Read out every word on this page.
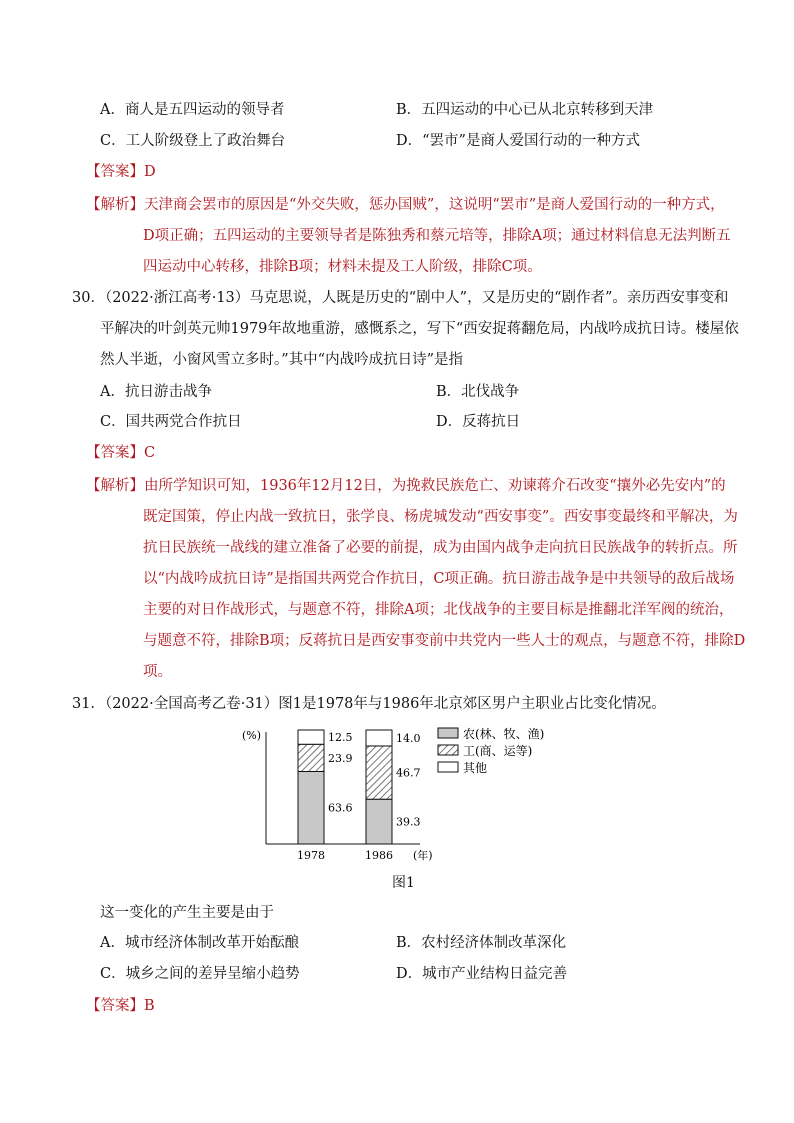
A．商人是五四运动的领导者	B．五四运动的中心已从北京转移到天津
C．工人阶级登上了政治舞台	D．“罢市”是商人爱国行动的一种方式
【答案】D
【解析】天津商会罢市的原因是“外交失败，惩办国贼”，这说明“罢市”是商人爱国行动的一种方式，
D项正确；五四运动的主要领导者是陈独秀和蔡元培等，排除A项；通过材料信息无法判断五
四运动中心转移，排除B项；材料未提及工人阶级，排除C项。
30．（2022·浙江高考·13）马克思说，人既是历史的“剧中人”，又是历史的“剧作者”。亲历西安事变和
平解决的叶剑英元帅1979年故地重游，感慨系之，写下“西安捉蒋翻危局，内战吟成抗日诗。楼屋依
然人半逝，小窗风雪立多时。”其中“内战吟成抗日诗”是指
A．抗日游击战争	B．北伐战争
C．国共两党合作抗日	D．反蒋抗日
【答案】C
【解析】由所学知识可知，1936年12月12日，为挽救民族危亡、劝谏蒋介石改变“攘外必先安内”的
既定国策，停止内战一致抗日，张学良、杨虎城发动“西安事变”。西安事变最终和平解决，为
抗日民族统一战线的建立准备了必要的前提，成为由国内战争走向抗日民族战争的转折点。所
以“内战吟成抗日诗”是指国共两党合作抗日，C项正确。抗日游击战争是中共领导的敌后战场
主要的对日作战形式，与题意不符，排除A项；北伐战争的主要目标是推翻北洋军阀的统治，
与题意不符，排除B项；反蒋抗日是西安事变前中共党内一些人士的观点，与题意不符，排除D
项。
31．（2022·全国高考乙卷·31）图1是1978年与1986年北京郊区男户主职业占比变化情况。
(%)
(年)
63.6
23.9
12.5
1978
39.3
46.7
14.0
1986
农(林、牧、渔)
工(商、运等)
其他
图1
这一变化的产生主要是由于
A．城市经济体制改革开始酝酿	B．农村经济体制改革深化
C．城乡之间的差异呈缩小趋势	D．城市产业结构日益完善
【答案】B
